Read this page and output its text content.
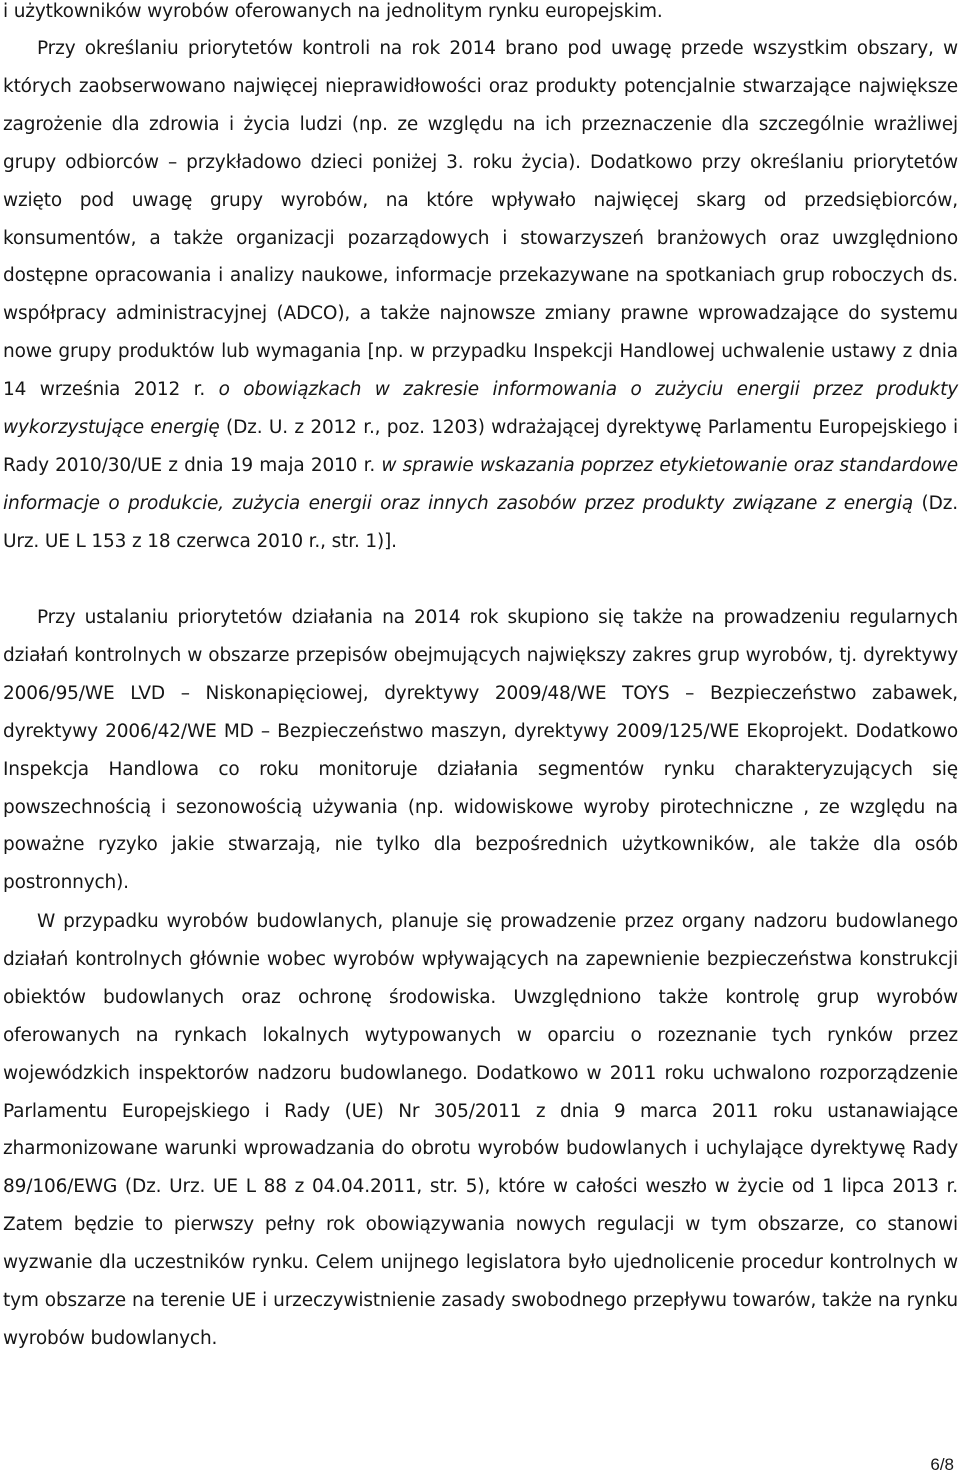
i użytkowników wyrobów oferowanych na jednolitym rynku europejskim.

Przy określaniu priorytetów kontroli na rok 2014 brano pod uwagę przede wszystkim obszary, w których zaobserwowano najwięcej nieprawidłowości oraz produkty potencjalnie stwarzające największe zagrożenie dla zdrowia i życia ludzi (np. ze względu na ich przeznaczenie dla szczególnie wrażliwej grupy odbiorców – przykładowo dzieci poniżej 3. roku życia). Dodatkowo przy określaniu priorytetów wzięto pod uwagę grupy wyrobów, na które wpływało najwięcej skarg od przedsiębiorców, konsumentów, a także organizacji pozarządowych i stowarzyszeń branżowych oraz uwzględniono dostępne opracowania i analizy naukowe, informacje przekazywane na spotkaniach grup roboczych ds. współpracy administracyjnej (ADCO), a także najnowsze zmiany prawne wprowadzające do systemu nowe grupy produktów lub wymagania [np. w przypadku Inspekcji Handlowej uchwalenie ustawy z dnia 14 września 2012 r. o obowiązkach w zakresie informowania o zużyciu energii przez produkty wykorzystujące energię (Dz. U. z 2012 r., poz. 1203) wdrażającej dyrektywę Parlamentu Europejskiego i Rady 2010/30/UE z dnia 19 maja 2010 r. w sprawie wskazania poprzez etykietowanie oraz standardowe informacje o produkcie, zużycia energii oraz innych zasobów przez produkty związane z energią (Dz. Urz. UE L 153 z 18 czerwca 2010 r., str. 1)].

Przy ustalaniu priorytetów działania na 2014 rok skupiono się także na prowadzeniu regularnych działań kontrolnych w obszarze przepisów obejmujących największy zakres grup wyrobów, tj. dyrektywy 2006/95/WE LVD – Niskonapięciowej, dyrektywy 2009/48/WE TOYS – Bezpieczeństwo zabawek, dyrektywy 2006/42/WE MD – Bezpieczeństwo maszyn, dyrektywy 2009/125/WE Ekoprojekt. Dodatkowo Inspekcja Handlowa co roku monitoruje działania segmentów rynku charakteryzujących się powszechnością i sezonowością używania (np. widowiskowe wyroby pirotechniczne , ze względu na poważne ryzyko jakie stwarzają, nie tylko dla bezpośrednich użytkowników, ale także dla osób postronnych).

W przypadku wyrobów budowlanych, planuje się prowadzenie przez organy nadzoru budowlanego działań kontrolnych głównie wobec wyrobów wpływających na zapewnienie bezpieczeństwa konstrukcji obiektów budowlanych oraz ochronę środowiska. Uwzględniono także kontrolę grup wyrobów oferowanych na rynkach lokalnych wytypowanych w oparciu o rozeznanie tych rynków przez wojewódzkich inspektorów nadzoru budowlanego. Dodatkowo w 2011 roku uchwalono rozporządzenie Parlamentu Europejskiego i Rady (UE) Nr 305/2011 z dnia 9 marca 2011 roku ustanawiające zharmonizowane warunki wprowadzania do obrotu wyrobów budowlanych i uchylające dyrektywę Rady 89/106/EWG (Dz. Urz. UE L 88 z 04.04.2011, str. 5), które w całości weszło w życie od 1 lipca 2013 r. Zatem będzie to pierwszy pełny rok obowiązywania nowych regulacji w tym obszarze, co stanowi wyzwanie dla uczestników rynku. Celem unijnego legislatora było ujednolicenie procedur kontrolnych w tym obszarze na terenie UE i urzeczywistnienie zasady swobodnego przepływu towarów, także na rynku wyrobów budowlanych.

6/8
